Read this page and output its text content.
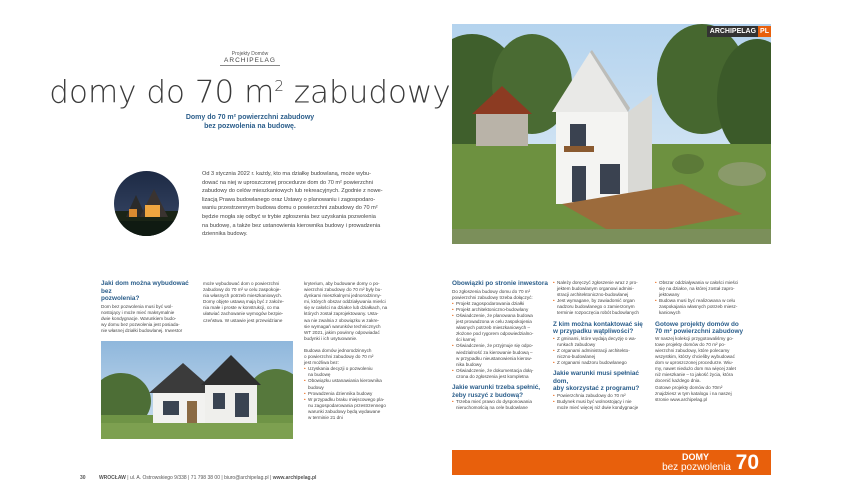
Projekty Domów
ARCHIPELAG
domy do 70 $m^2$ zabudowy
Domy do 70 m² powierzchni zabudowy
bez pozwolenia na budowę.
Od 3 stycznia 2022 r. każdy, kto ma działkę budowlaną, może wybu-
dować na niej w uproszczonej procedurze dom do 70 m² powierzchni
zabudowy do celów mieszkaniowych lub rekreacyjnych. Zgodnie z nowe-
lizacją Prawa budowlanego oraz Ustawy o planowaniu i zagospodaro-
waniu przestrzennym budowa domu o powierzchni zabudowy do 70 m²
będzie mogła się odbyć w trybie zgłoszenia bez uzyskania pozwolenia
na budowę, a także bez ustanowienia kierownika budowy i prowadzenia
dziennika budowy.
Jaki dom można wybudować bez
pozwolenia?
Dom bez pozwolenia musi być wol-
nostojący i może mieć maksymalnie
dwie kondygnacje. Warunkiem budo-
wy domu bez pozwolenia jest posiada-
nie własnej działki budowlanej. Inwestor
może wybudować dom o powierzchni
zabudowy do 70 m² w celu zaspokoje-
nia własnych potrzeb mieszkaniowych.
Domy objęte ustawą mają być z założe-
nia małe i proste w konstrukcji, co ma
ułatwiać zachowanie wymogów bezpie-
czeństwa. W ustawie jest przewidziane
kryterium, aby budowane domy o po-
wierzchni zabudowy do 70 m² były bu-
dynkami mieszkalnymi jednorodzinny-
mi, których obszar oddziaływania mieści
się w całości na działce lub działkach, na
których został zaprojektowany. Usta-
wa nie zwalnia z obowiązku w zakre-
sie wymagań warunków technicznych
WT 2021, jakim powinny odpowiadać
budynki i ich usytuowanie.
Budowa domów jednorodzinnych
o powierzchni zabudowy do 70 m²
jest możliwa bez:
• Uzyskania decyzji o pozwoleniu
na budowę
• Obowiązku ustanawiania kierownika
budowy
• Prowadzenia dziennika budowy
• W przypadku braku miejscowego pla-
nu zagospodarowania przestrzennego
warunki zabudowy będą wydawane
w terminie 21 dni
ARCHIPELAG PL
Obowiązki po stronie inwestora
Do zgłoszenia budowy domu do 70 m²
powierzchni zabudowy trzeba dołączyć:
• Projekt zagospodarowania działki
• Projekt architektoniczno-budowlany
• Oświadczenie, że planowana budowa
jest prowadzona w celu zaspokojenia
własnych potrzeb mieszkaniowych –
złożone pod rygorem odpowiedzialno-
ści karnej
• Oświadczenie, że przyjmuje się odpo-
wiedzialność za kierowanie budową –
w przypadku nieustanowienia kierow-
nika budowy
• Oświadczenie, że dokumentacja dołą-
czona do zgłoszenia jest kompletna
Jakie warunki trzeba spełnić,
żeby ruszyć z budową?
• Trzeba mieć prawo do dysponowania
nieruchomością na cele budowlane
• Należy doręczyć zgłoszenie wraz z pro-
jektem budowlanym organowi admini-
stracji architektoniczno-budowlanej
• Jest wymagane, by zawiadomić organ
nadzoru budowlanego o zamierzonym
terminie rozpoczęcia robót budowlanych
Z kim można kontaktować się
w przypadku wątpliwości?
• Z gminami, które wydają decyzję o wa-
runkach zabudowy
• Z organami administracji architekto-
niczno-budowlanej
• Z organami nadzoru budowlanego
Jakie warunki musi spełniać dom,
aby skorzystać z programu?
• Powierzchnia zabudowy do 70 m²
• Budynek musi być wolnostojący i nie
może mieć więcej niż dwie kondygnacje
• Obszar oddziaływania w całości mieści
się na działce, na której został zapro-
jektowany
• Budowa musi być realizowana w celu
zaspokajania własnych potrzeb miesz-
kaniowych
Gotowe projekty domów do
70 m² powierzchni zabudowy
W naszej kolekcji przygotowaliśmy go-
towe projekty domów do 70 m² po-
wierzchni zabudowy, które polecamy
wszystkim, którzy chcieliby wybudować
dom w uproszczonej procedurze. Wiu-
my, nawet niedużo dom ma więcej zalet
niż mieszkanie – to jakość życia, która
docenić każdego dnia.
Gotowe projekty domów do 70m²
znajdziesz w tym katalogu i na naszej
stronie www.archipelag.pl
DOMY
bez pozwolenia 70
30	WROCŁAW | ul. A. Ostrowskiego 9/338 | 71 798 38 00 | biuro@archipelag.pl | www.archipelag.pl
